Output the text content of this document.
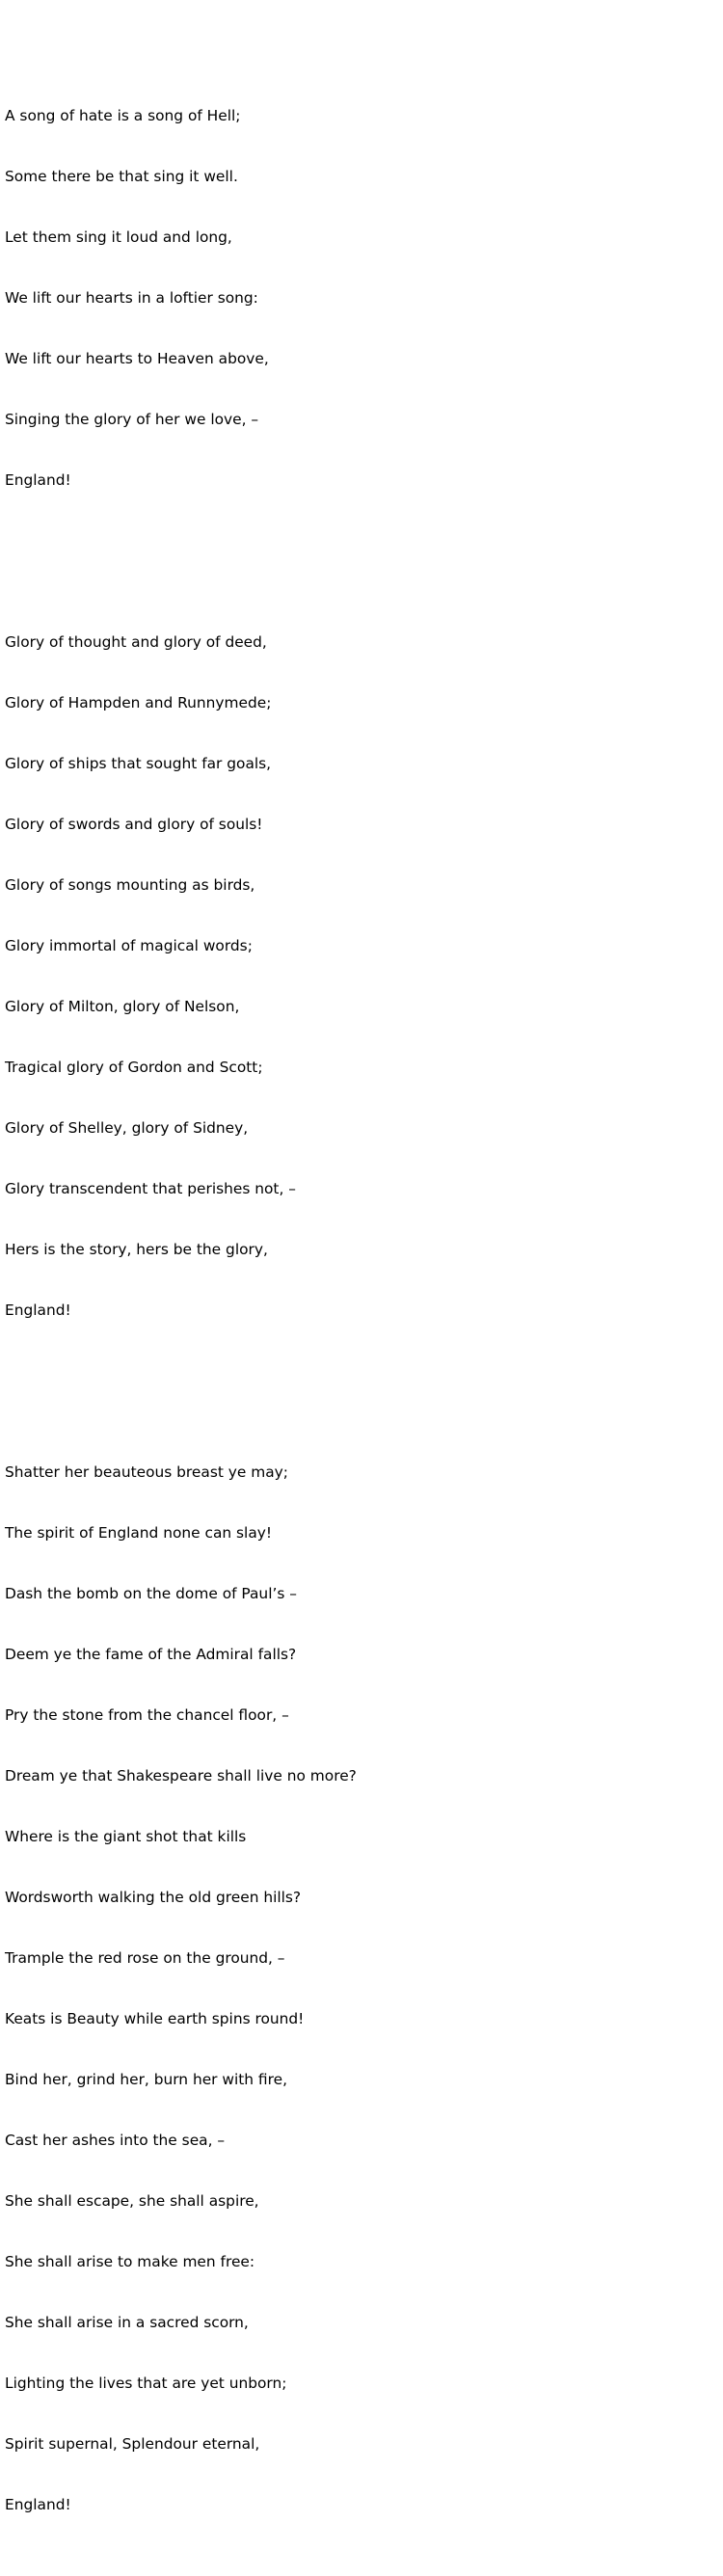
A song of hate is a song of Hell;

Some there be that sing it well.

Let them sing it loud and long,

We lift our hearts in a loftier song:

We lift our hearts to Heaven above,

Singing the glory of her we love, –

England!

Glory of thought and glory of deed,

Glory of Hampden and Runnymede;

Glory of ships that sought far goals,

Glory of swords and glory of souls!

Glory of songs mounting as birds,

Glory immortal of magical words;

Glory of Milton, glory of Nelson,

Tragical glory of Gordon and Scott;

Glory of Shelley, glory of Sidney,

Glory transcendent that perishes not, –

Hers is the story, hers be the glory,

England!

Shatter her beauteous breast ye may;

The spirit of England none can slay!

Dash the bomb on the dome of Paul’s –

Deem ye the fame of the Admiral falls?

Pry the stone from the chancel floor, –

Dream ye that Shakespeare shall live no more?

Where is the giant shot that kills

Wordsworth walking the old green hills?

Trample the red rose on the ground, –

Keats is Beauty while earth spins round!

Bind her, grind her, burn her with fire,

Cast her ashes into the sea, –

She shall escape, she shall aspire,

She shall arise to make men free:

She shall arise in a sacred scorn,

Lighting the lives that are yet unborn;

Spirit supernal, Splendour eternal,

England!
